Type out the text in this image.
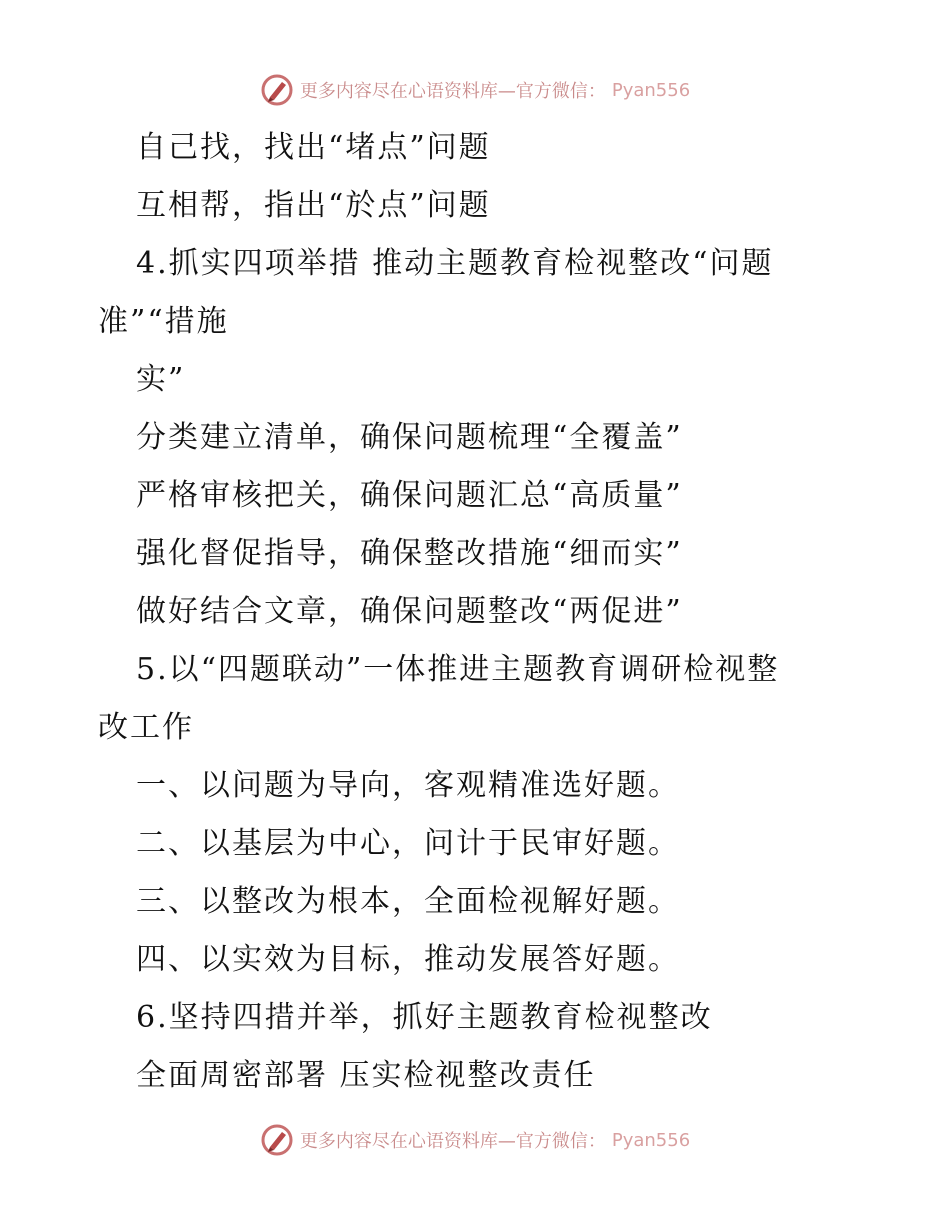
更多内容尽在心语资料库—官方微信： Pyan556
自己找，找出“堵点”问题
互相帮，指出“於点”问题
4.抓实四项举措 推动主题教育检视整改“问题
准”“措施
实”
分类建立清单，确保问题梳理“全覆盖”
严格审核把关，确保问题汇总“高质量”
强化督促指导，确保整改措施“细而实”
做好结合文章，确保问题整改“两促进”
5.以“四题联动”一体推进主题教育调研检视整
改工作
一、以问题为导向，客观精准选好题。
二、以基层为中心，问计于民审好题。
三、以整改为根本，全面检视解好题。
四、以实效为目标，推动发展答好题。
6.坚持四措并举，抓好主题教育检视整改
全面周密部署 压实检视整改责任
更多内容尽在心语资料库—官方微信： Pyan556
